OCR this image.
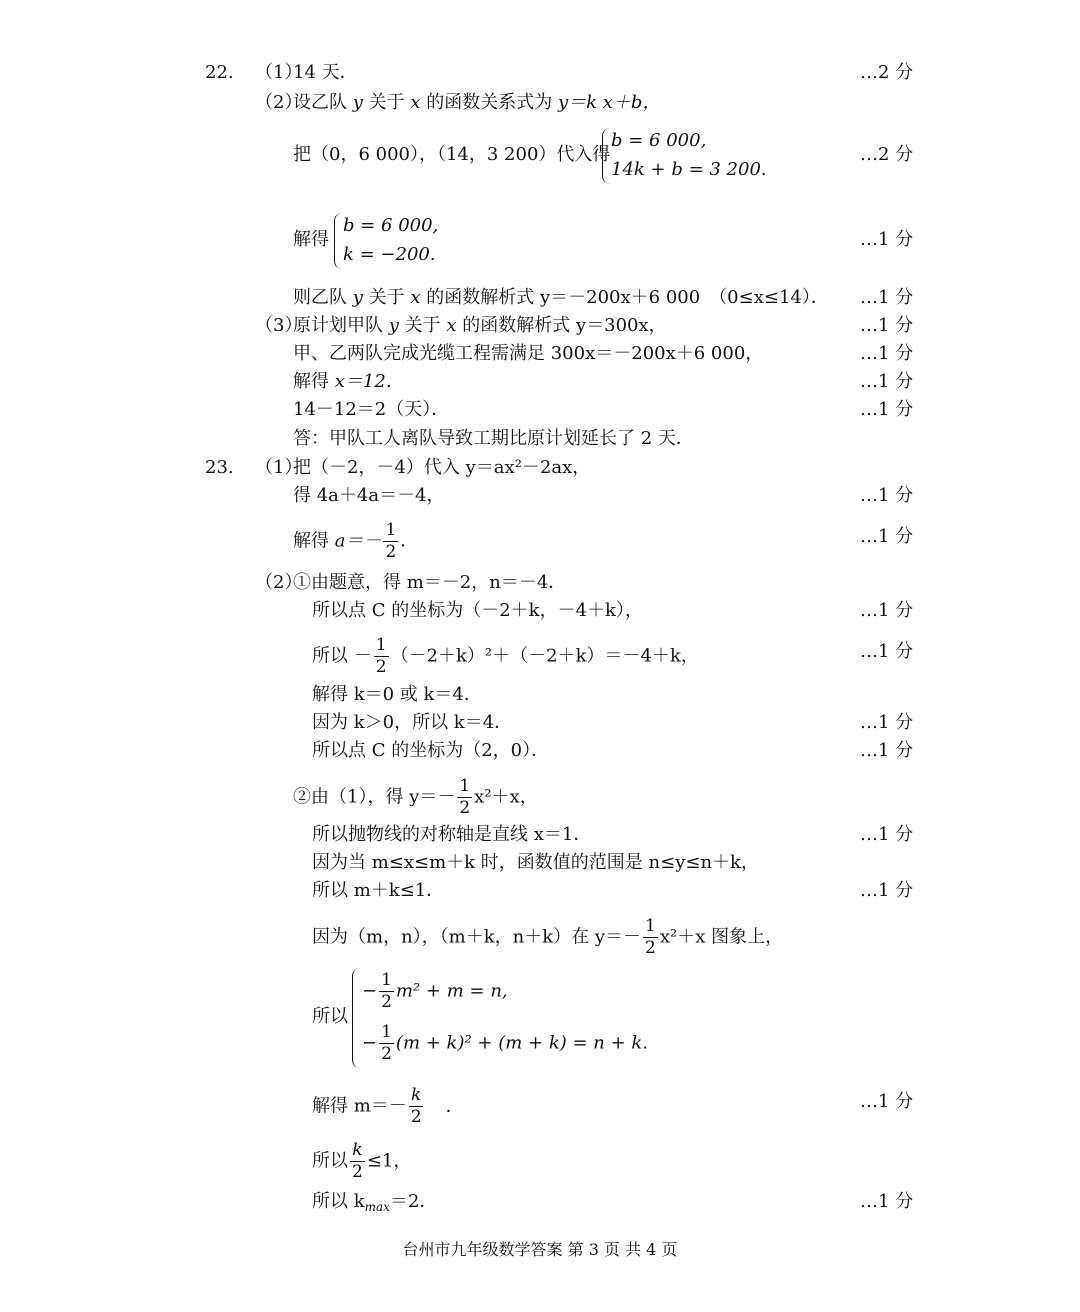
22. （1）
14 天．	…2 分
（2）
设乙队 y 关于 x 的函数关系式为 y＝k x＋b，
把（0，6 000），（14，3 200）代入得	…2 分
b = 6 000,
14k + b = 3 200.
解得	…1 分
b = 6 000,
k = −200.
则乙队 y 关于 x 的函数解析式 y＝－200x＋6 000　（0≤x≤14）． …1 分
（3）
原计划甲队 y 关于 x 的函数解析式 y＝300x，	…1 分
甲、乙两队完成光缆工程需满足 300x＝－200x＋6 000，	…1 分
解得 x＝12．	…1 分
14－12＝2（天）．	…1 分
答：甲队工人离队导致工期比原计划延长了 2 天．
23. （1）
把（－2，－4）代入 y＝ax²－2ax，
得 4a＋4a＝－4，	…1 分
解得 $a=- \frac{1}{2}$ ．	…1 分
（2）
①由题意，得 m＝－2，n＝－4．
所以点 C 的坐标为（－2＋k，－4＋k），	…1 分
所以 － $\frac{1}{2} (-2+k)^2+(-2+k)=-4+k$，	…1 分
解得 k＝0 或 k＝4．
因为 k＞0，所以 k＝4．	…1 分
所以点 C 的坐标为（2，0）．	…1 分
②由（1），得 $y=- \frac{1}{2} x^2+x$，
所以抛物线的对称轴是直线 x＝1．	…1 分
因为当 m≤x≤m＋k 时，函数值的范围是 n≤y≤n＋k，
所以 m＋k≤1．	…1 分
因为（m，n），（m＋k，n＋k）在 $y=- \frac{1}{2} x^2+x$ 图象上，
所以
− $\frac{1}{2} m^2 + m = n$,
− $\frac{1}{2} (m + k)^2 + (m + k) = n + k$.
解得 $m=- \frac{k}{2}$ ．	…1 分
所以 $\frac{k}{2} \le 1$，
所以 $k_{max}=2$．	…1 分
台州市九年级数学答案 第 3 页 共 4 页
